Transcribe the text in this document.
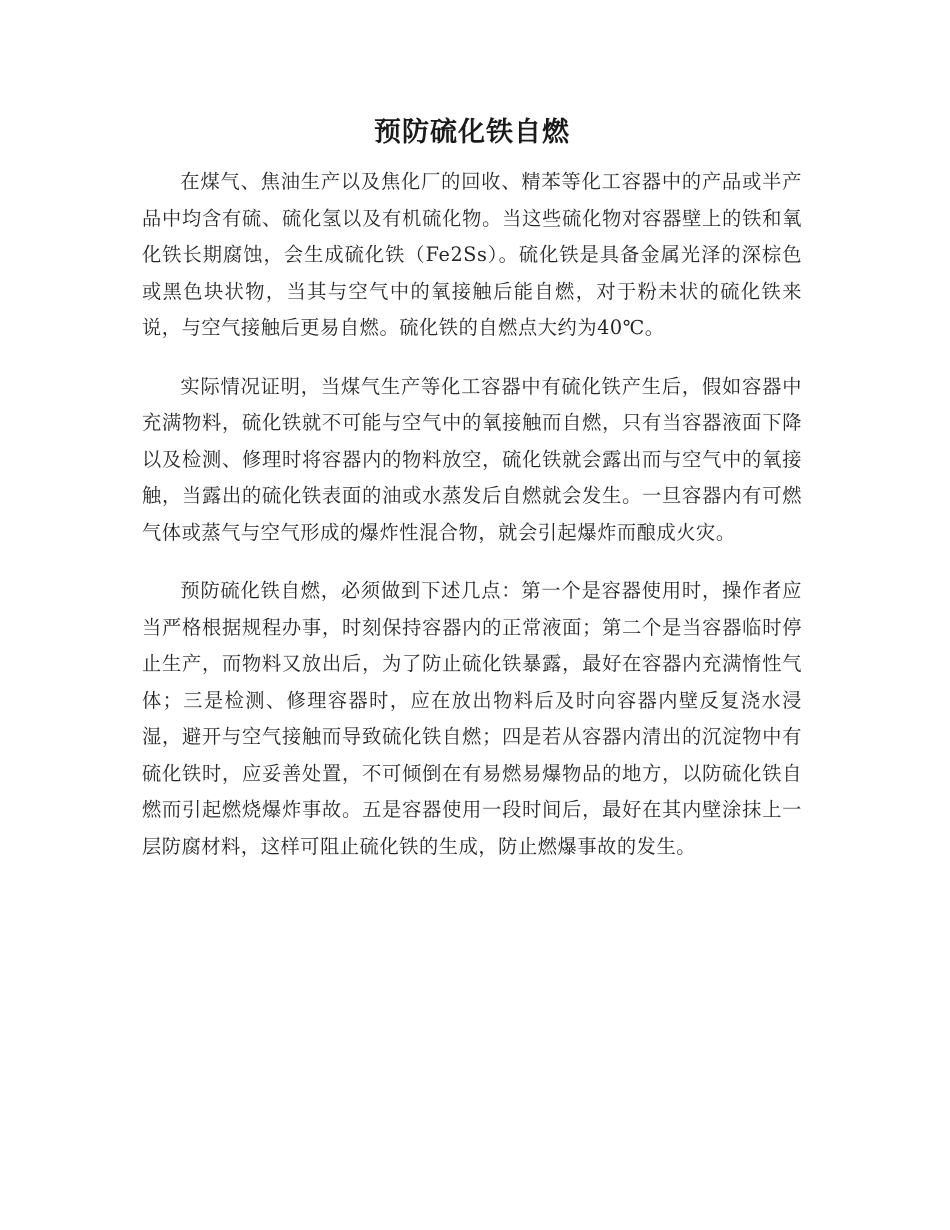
预防硫化铁自燃

在煤气、焦油生产以及焦化厂的回收、精苯等化工容器中的产品或半产品中均含有硫、硫化氢以及有机硫化物。当这些硫化物对容器壁上的铁和氧化铁长期腐蚀，会生成硫化铁（Fe2Ss）。硫化铁是具备金属光泽的深棕色或黑色块状物，当其与空气中的氧接触后能自燃，对于粉未状的硫化铁来说，与空气接触后更易自燃。硫化铁的自燃点大约为40℃。

实际情况证明，当煤气生产等化工容器中有硫化铁产生后，假如容器中充满物料，硫化铁就不可能与空气中的氧接触而自燃，只有当容器液面下降以及检测、修理时将容器内的物料放空，硫化铁就会露出而与空气中的氧接触，当露出的硫化铁表面的油或水蒸发后自燃就会发生。一旦容器内有可燃气体或蒸气与空气形成的爆炸性混合物，就会引起爆炸而酿成火灾。

预防硫化铁自燃，必须做到下述几点：第一个是容器使用时，操作者应当严格根据规程办事，时刻保持容器内的正常液面；第二个是当容器临时停止生产，而物料又放出后，为了防止硫化铁暴露，最好在容器内充满惰性气体；三是检测、修理容器时，应在放出物料后及时向容器内壁反复浇水浸湿，避开与空气接触而导致硫化铁自燃；四是若从容器内清出的沉淀物中有硫化铁时，应妥善处置，不可倾倒在有易燃易爆物品的地方，以防硫化铁自燃而引起燃烧爆炸事故。五是容器使用一段时间后，最好在其内壁涂抹上一层防腐材料，这样可阻止硫化铁的生成，防止燃爆事故的发生。
